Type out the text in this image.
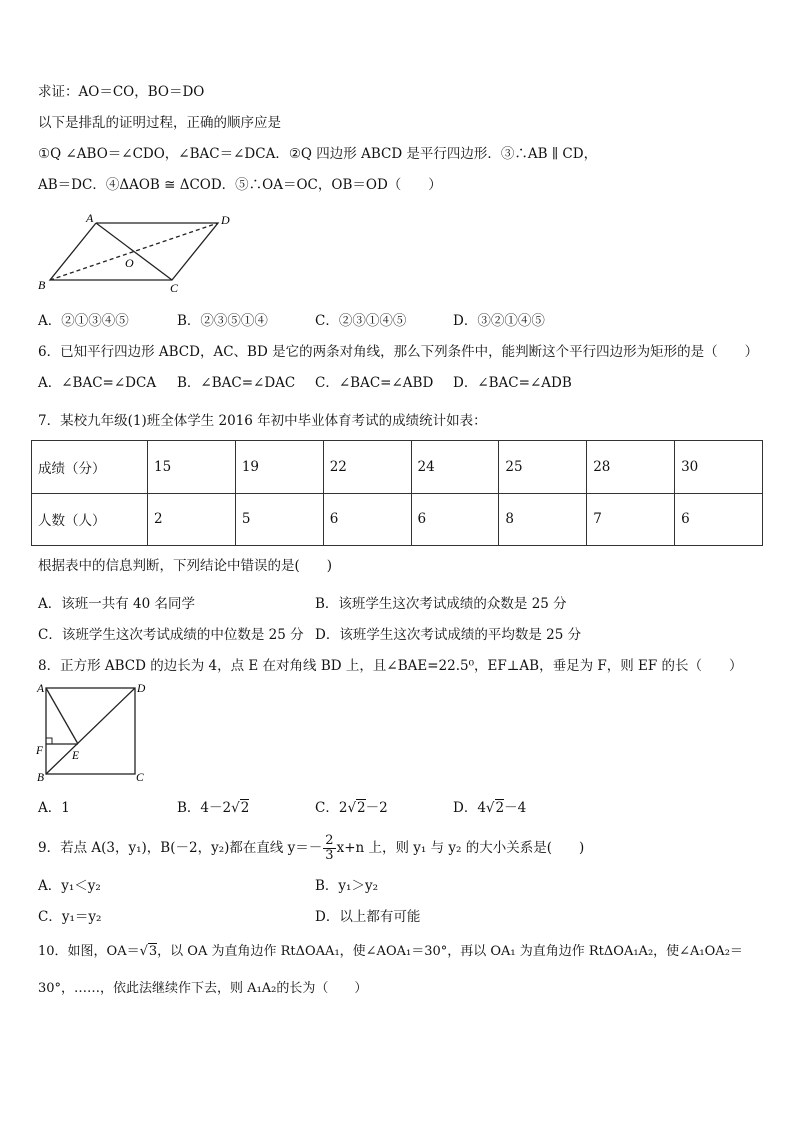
求证：AO＝CO，BO＝DO
以下是排乱的证明过程，正确的顺序应是
①Q ∠ABO＝∠CDO，∠BAC＝∠DCA．②Q 四边形 ABCD 是平行四边形．③∴AB ∥ CD，
AB＝DC．④ΔAOB ≅ ΔCOD．⑤∴OA＝OC，OB＝OD（　　）
A	D
B	C
O
A．②①③④⑤	B．②③⑤①④	C．②③①④⑤	D．③②①④⑤
6．已知平行四边形 ABCD，AC、BD 是它的两条对角线，那么下列条件中，能判断这个平行四边形为矩形的是（　　）
A．∠BAC=∠DCA B．∠BAC=∠DAC C．∠BAC=∠ABD D．∠BAC=∠ADB
7．某校九年级(1)班全体学生 2016 年初中毕业体育考试的成绩统计如表：
成绩（分）	15	19	22	24	25	28	30
人数（人）	2	5	6	6	8	7	6
根据表中的信息判断，下列结论中错误的是(　　)
A．该班一共有 40 名同学	B．该班学生这次考试成绩的众数是 25 分
C．该班学生这次考试成绩的中位数是 25 分 D．该班学生这次考试成绩的平均数是 25 分
8．正方形 ABCD 的边长为 4，点 E 在对角线 BD 上，且∠BAE=22.5⁰，EF⊥AB，垂足为 F，则 EF 的长（　　）
A	D
F	E
B	C
A．1	B．4－2√2	C．2√2－2	D．4√2－4
9．若点 A(3，y₁)，B(－2，y₂)都在直线 $y=- \frac{2}{3} x+n$ 上，则 y₁ 与 y₂ 的大小关系是(　　)
A．y₁＜y₂	B．y₁＞y₂
C．y₁＝y₂	D．以上都有可能
10．如图，OA＝√3，以 OA 为直角边作 RtΔOAA₁，使∠AOA₁＝30°，再以 OA₁ 为直角边作 RtΔOA₁A₂，使∠A₁OA₂＝
30°，……，依此法继续作下去，则 A₁A₂的长为（　　）
